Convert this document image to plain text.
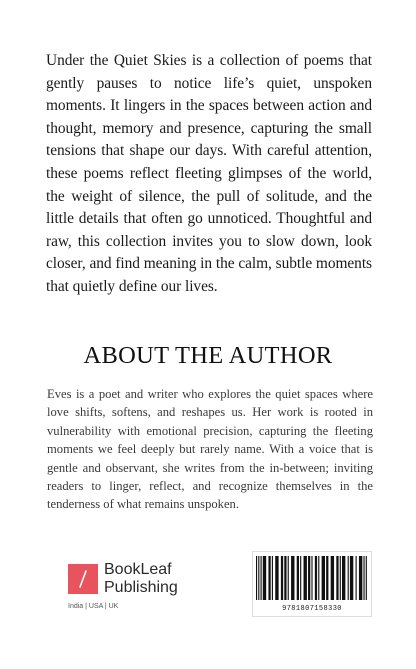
Under the Quiet Skies is a collection of poems that gently pauses to notice life’s quiet, unspoken moments. It lingers in the spaces between action and thought, memory and presence, capturing the small tensions that shape our days. With careful attention, these poems reflect fleeting glimpses of the world, the weight of silence, the pull of solitude, and the little details that often go unnoticed. Thoughtful and raw, this collection invites you to slow down, look closer, and find meaning in the calm, subtle moments that quietly define our lives.

ABOUT THE AUTHOR

Eves is a poet and writer who explores the quiet spaces where love shifts, softens, and reshapes us. Her work is rooted in vulnerability with emotional precision, capturing the fleeting moments we feel deeply but rarely name. With a voice that is gentle and observant, she writes from the in-between; inviting readers to linger, reflect, and recognize themselves in the tenderness of what remains unspoken.

BookLeaf
Publishing
India | USA | UK	9781807158330
